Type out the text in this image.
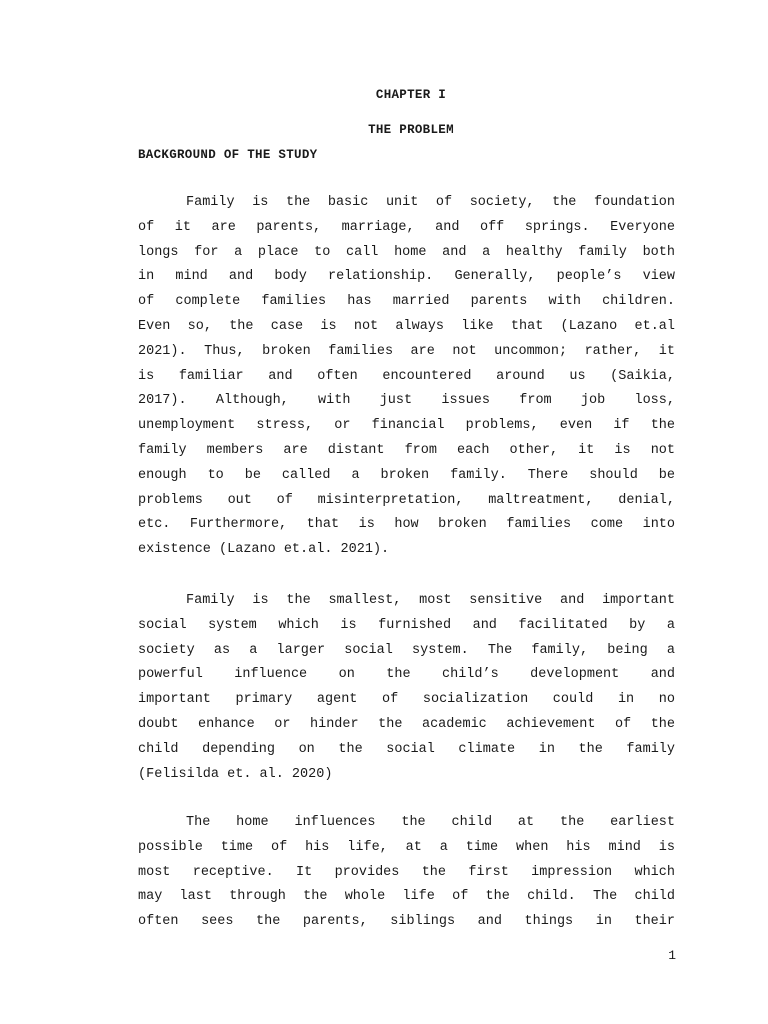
CHAPTER I
THE PROBLEM
BACKGROUND OF THE STUDY
Family is the basic unit of society, the foundation
of it are parents, marriage, and off springs. Everyone
longs for a place to call home and a healthy family both
in mind and body relationship. Generally, people’s view
of complete families has married parents with children.
Even so, the case is not always like that (Lazano et.al
2021). Thus, broken families are not uncommon; rather, it
is familiar and often encountered around us (Saikia,
2017). Although, with just issues from job loss,
unemployment stress, or financial problems, even if the
family members are distant from each other, it is not
enough to be called a broken family. There should be
problems out of misinterpretation, maltreatment, denial,
etc. Furthermore, that is how broken families come into
existence (Lazano et.al. 2021).
Family is the smallest, most sensitive and important
social system which is furnished and facilitated by a
society as a larger social system. The family, being a
powerful influence on the child’s development and
important primary agent of socialization could in no
doubt enhance or hinder the academic achievement of the
child depending on the social climate in the family
(Felisilda et. al. 2020)
The home influences the child at the earliest
possible time of his life, at a time when his mind is
most receptive. It provides the first impression which
may last through the whole life of the child. The child
often sees the parents, siblings and things in their
1
